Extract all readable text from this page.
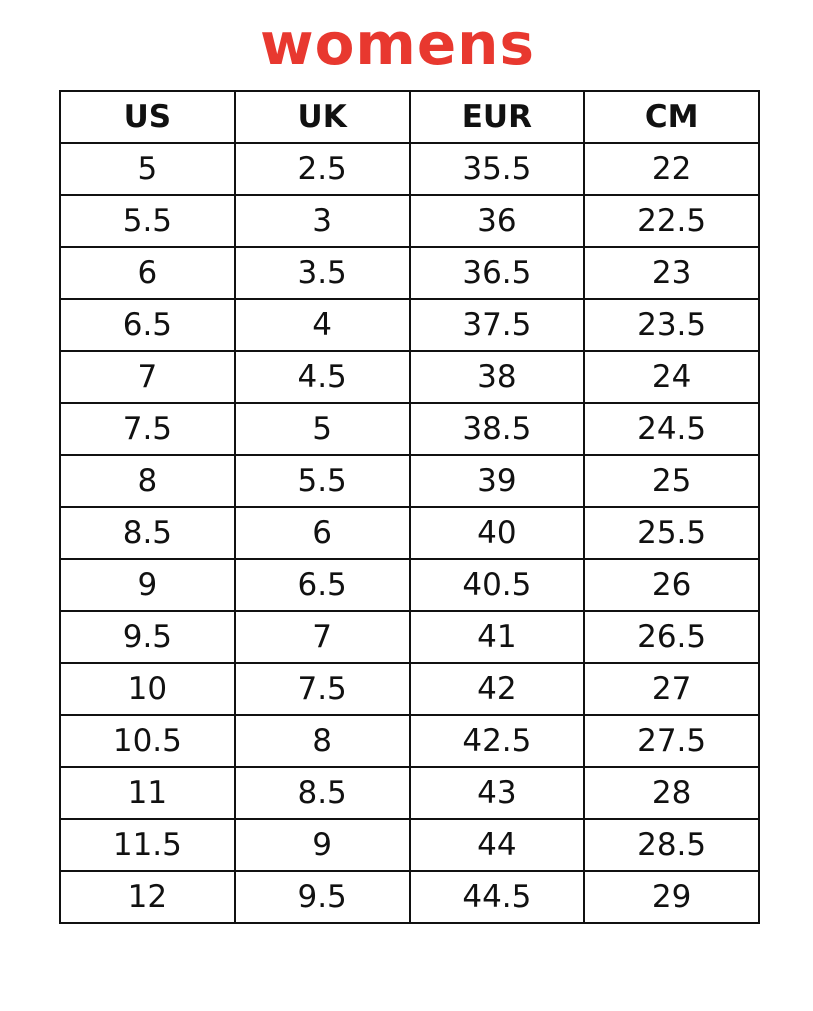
womens
US	UK	EUR	CM
5	2.5	35.5	22
5.5	3	36	22.5
6	3.5	36.5	23
6.5	4	37.5	23.5
7	4.5	38	24
7.5	5	38.5	24.5
8	5.5	39	25
8.5	6	40	25.5
9	6.5	40.5	26
9.5	7	41	26.5
10	7.5	42	27
10.5	8	42.5	27.5
11	8.5	43	28
11.5	9	44	28.5
12	9.5	44.5	29
